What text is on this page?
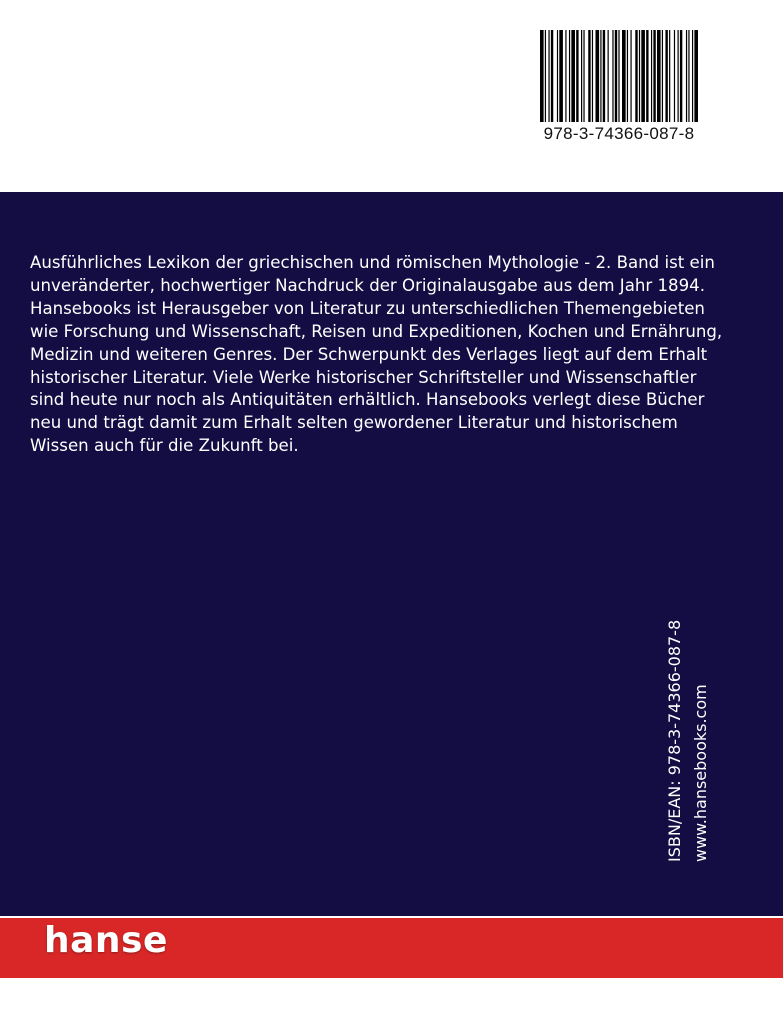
978-3-74366-087-8

Ausführliches Lexikon der griechischen und römischen Mythologie - 2. Band ist ein unveränderter, hochwertiger Nachdruck der Originalausgabe aus dem Jahr 1894. Hansebooks ist Herausgeber von Literatur zu unterschiedlichen Themengebieten wie Forschung und Wissenschaft, Reisen und Expeditionen, Kochen und Ernährung, Medizin und weiteren Genres. Der Schwerpunkt des Verlages liegt auf dem Erhalt historischer Literatur. Viele Werke historischer Schriftsteller und Wissenschaftler sind heute nur noch als Antiquitäten erhältlich. Hansebooks verlegt diese Bücher neu und trägt damit zum Erhalt selten gewordener Literatur und historischem Wissen auch für die Zukunft bei.

ISBN/EAN: 978-3-74366-087-8 www.hansebooks.com
hanse
